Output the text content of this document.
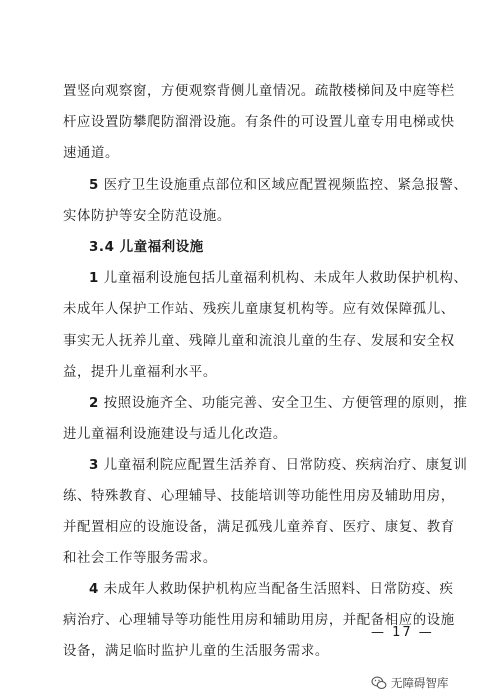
置竖向观察窗，方便观察背侧儿童情况。疏散楼梯间及中庭等栏
杆应设置防攀爬防溜滑设施。有条件的可设置儿童专用电梯或快
速通道。
5 医疗卫生设施重点部位和区域应配置视频监控、紧急报警、
实体防护等安全防范设施。
3.4 儿童福利设施
1 儿童福利设施包括儿童福利机构、未成年人救助保护机构、
未成年人保护工作站、残疾儿童康复机构等。应有效保障孤儿、
事实无人抚养儿童、残障儿童和流浪儿童的生存、发展和安全权
益，提升儿童福利水平。
2 按照设施齐全、功能完善、安全卫生、方便管理的原则，推
进儿童福利设施建设与适儿化改造。
3 儿童福利院应配置生活养育、日常防疫、疾病治疗、康复训
练、特殊教育、心理辅导、技能培训等功能性用房及辅助用房，
并配置相应的设施设备，满足孤残儿童养育、医疗、康复、教育
和社会工作等服务需求。
4 未成年人救助保护机构应当配备生活照料、日常防疫、疾
病治疗、心理辅导等功能性用房和辅助用房，并配备相应的设施
设备，满足临时监护儿童的生活服务需求。
— 17 —
无障碍智库
